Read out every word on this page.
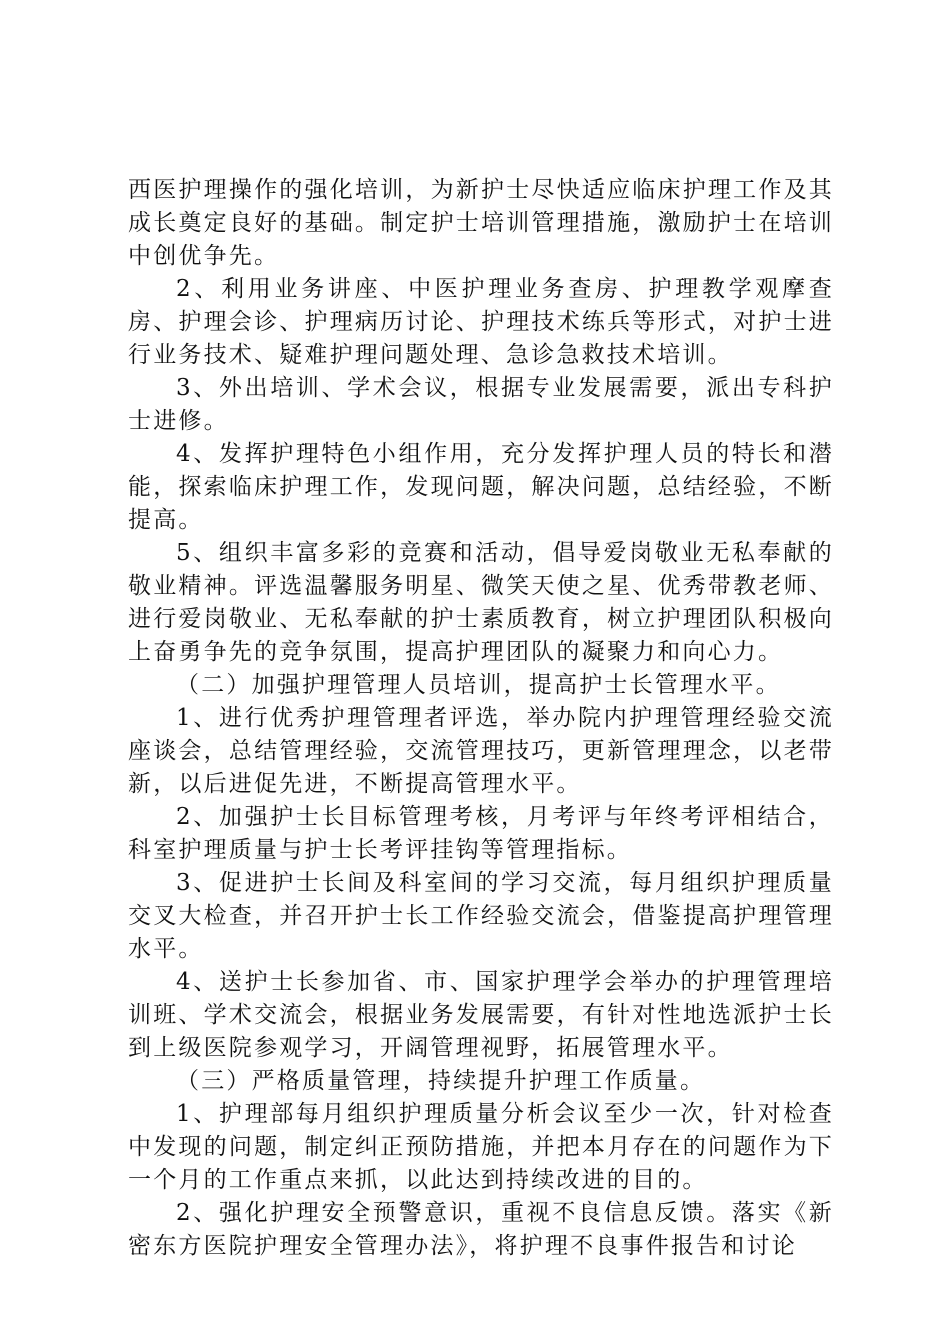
西医护理操作的强化培训，为新护士尽快适应临床护理工作及其成长奠定良好的基础。制定护士培训管理措施，激励护士在培训中创优争先。

2、利用业务讲座、中医护理业务查房、护理教学观摩查房、护理会诊、护理病历讨论、护理技术练兵等形式，对护士进行业务技术、疑难护理问题处理、急诊急救技术培训。

3、外出培训、学术会议，根据专业发展需要，派出专科护士进修。

4、发挥护理特色小组作用，充分发挥护理人员的特长和潜能，探索临床护理工作，发现问题，解决问题，总结经验，不断提高。

5、组织丰富多彩的竞赛和活动，倡导爱岗敬业无私奉献的敬业精神。评选温馨服务明星、微笑天使之星、优秀带教老师、进行爱岗敬业、无私奉献的护士素质教育，树立护理团队积极向上奋勇争先的竞争氛围，提高护理团队的凝聚力和向心力。

（二）加强护理管理人员培训，提高护士长管理水平。

1、进行优秀护理管理者评选，举办院内护理管理经验交流座谈会，总结管理经验，交流管理技巧，更新管理理念，以老带新，以后进促先进，不断提高管理水平。

2、加强护士长目标管理考核，月考评与年终考评相结合，科室护理质量与护士长考评挂钩等管理指标。

3、促进护士长间及科室间的学习交流，每月组织护理质量交叉大检查，并召开护士长工作经验交流会，借鉴提高护理管理水平。

4、送护士长参加省、市、国家护理学会举办的护理管理培训班、学术交流会，根据业务发展需要，有针对性地选派护士长到上级医院参观学习，开阔管理视野，拓展管理水平。

（三）严格质量管理，持续提升护理工作质量。

1、护理部每月组织护理质量分析会议至少一次，针对检查中发现的问题，制定纠正预防措施，并把本月存在的问题作为下一个月的工作重点来抓，以此达到持续改进的目的。

2、强化护理安全预警意识，重视不良信息反馈。落实《新密东方医院护理安全管理办法》，将护理不良事件报告和讨论
